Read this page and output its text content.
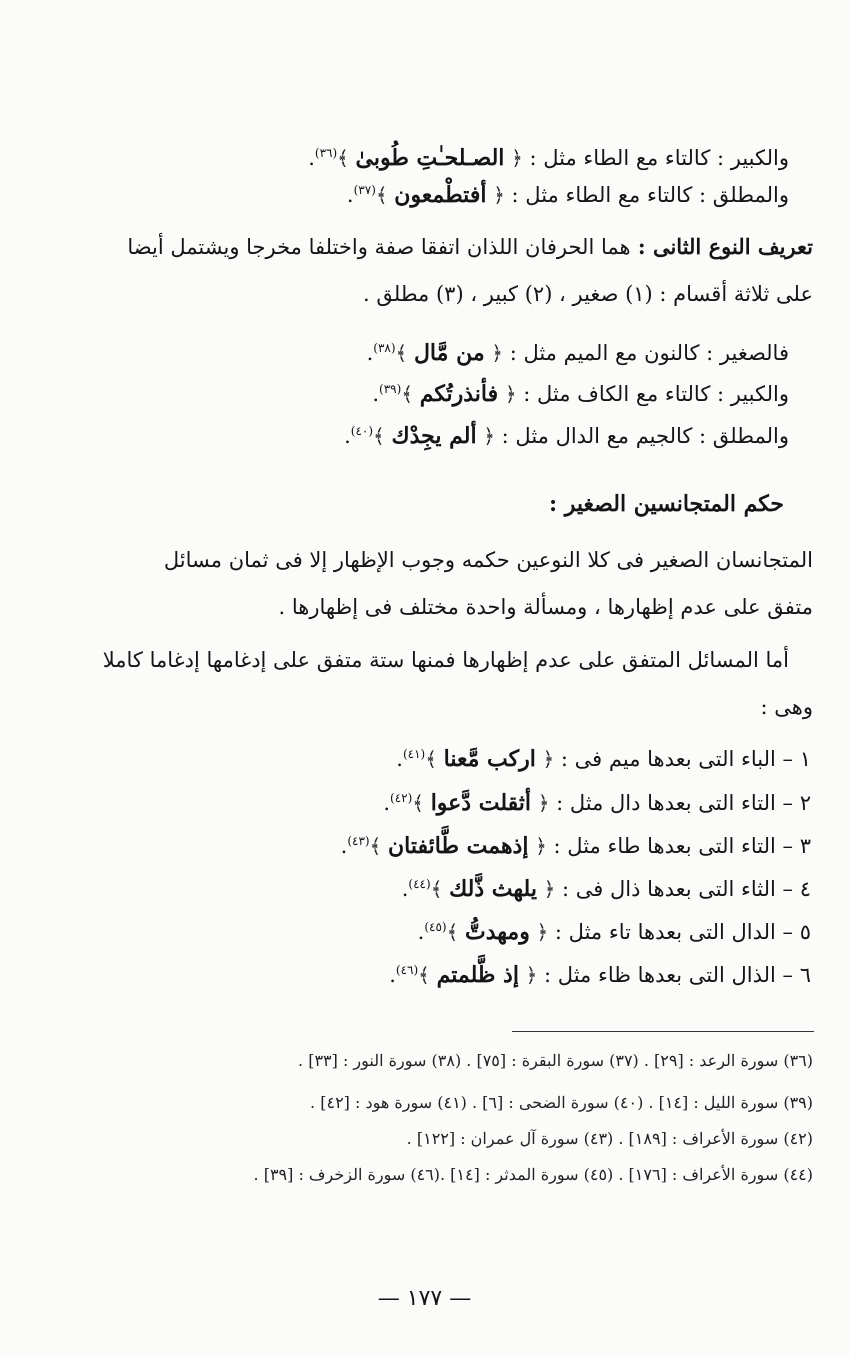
والكبير : كالتاء مع الطاء مثل : ﴿ الصـلحـٰتِ طُوبىٰ ﴾$^{(٣٦)}$.
والمطلق : كالتاء مع الطاء مثل : ﴿ أفتطْمعون ﴾$^{(٣٧)}$.
تعريف النوع الثانى : هما الحرفان اللذان اتفقا صفة واختلفا مخرجا ويشتمل أيضا
على ثلاثة أقسام : (١) صغير ، (٢) كبير ، (٣) مطلق .
فالصغير : كالنون مع الميم مثل : ﴿ من مَّال ﴾$^{(٣٨)}$.
والكبير : كالتاء مع الكاف مثل : ﴿ فأنذرتُكم ﴾$^{(٣٩)}$.
والمطلق : كالجيم مع الدال مثل : ﴿ ألم يجِدْك ﴾$^{(٤٠)}$.
حكم المتجانسين الصغير :
المتجانسان الصغير فى كلا النوعين حكمه وجوب الإظهار إلا فى ثمان مسائل
متفق على عدم إظهارها ، ومسألة واحدة مختلف فى إظهارها .
أما المسائل المتفق على عدم إظهارها فمنها ستة متفق على إدغامها إدغاما كاملا
وهى :
١ – الباء التى بعدها ميم فى : ﴿ اركب مَّعنا ﴾$^{(٤١)}$.
٢ – التاء التى بعدها دال مثل : ﴿ أثقلت دَّعوا ﴾$^{(٤٢)}$.
٣ – التاء التى بعدها طاء مثل : ﴿ إذهمت طَّائفتان ﴾$^{(٤٣)}$.
٤ – الثاء التى بعدها ذال فى : ﴿ يلهث ذَّلك ﴾$^{(٤٤)}$.
٥ – الدال التى بعدها تاء مثل : ﴿ ومهدتُّ ﴾$^{(٤٥)}$.
٦ – الذال التى بعدها ظاء مثل : ﴿ إذ ظَّلمتم ﴾$^{(٤٦)}$.
(٣٦) سورة الرعد : [٢٩] . (٣٧) سورة البقرة : [٧٥] . (٣٨) سورة النور : [٣٣] .
(٣٩) سورة الليل : [١٤] . (٤٠) سورة الضحى : [٦] . (٤١) سورة هود : [٤٢] .
(٤٢) سورة الأعراف : [١٨٩] . (٤٣) سورة آل عمران : [١٢٢] .
(٤٤) سورة الأعراف : [١٧٦] . (٤٥) سورة المدثر : [١٤] .(٤٦) سورة الزخرف : [٣٩] .
— ١٧٧ —
